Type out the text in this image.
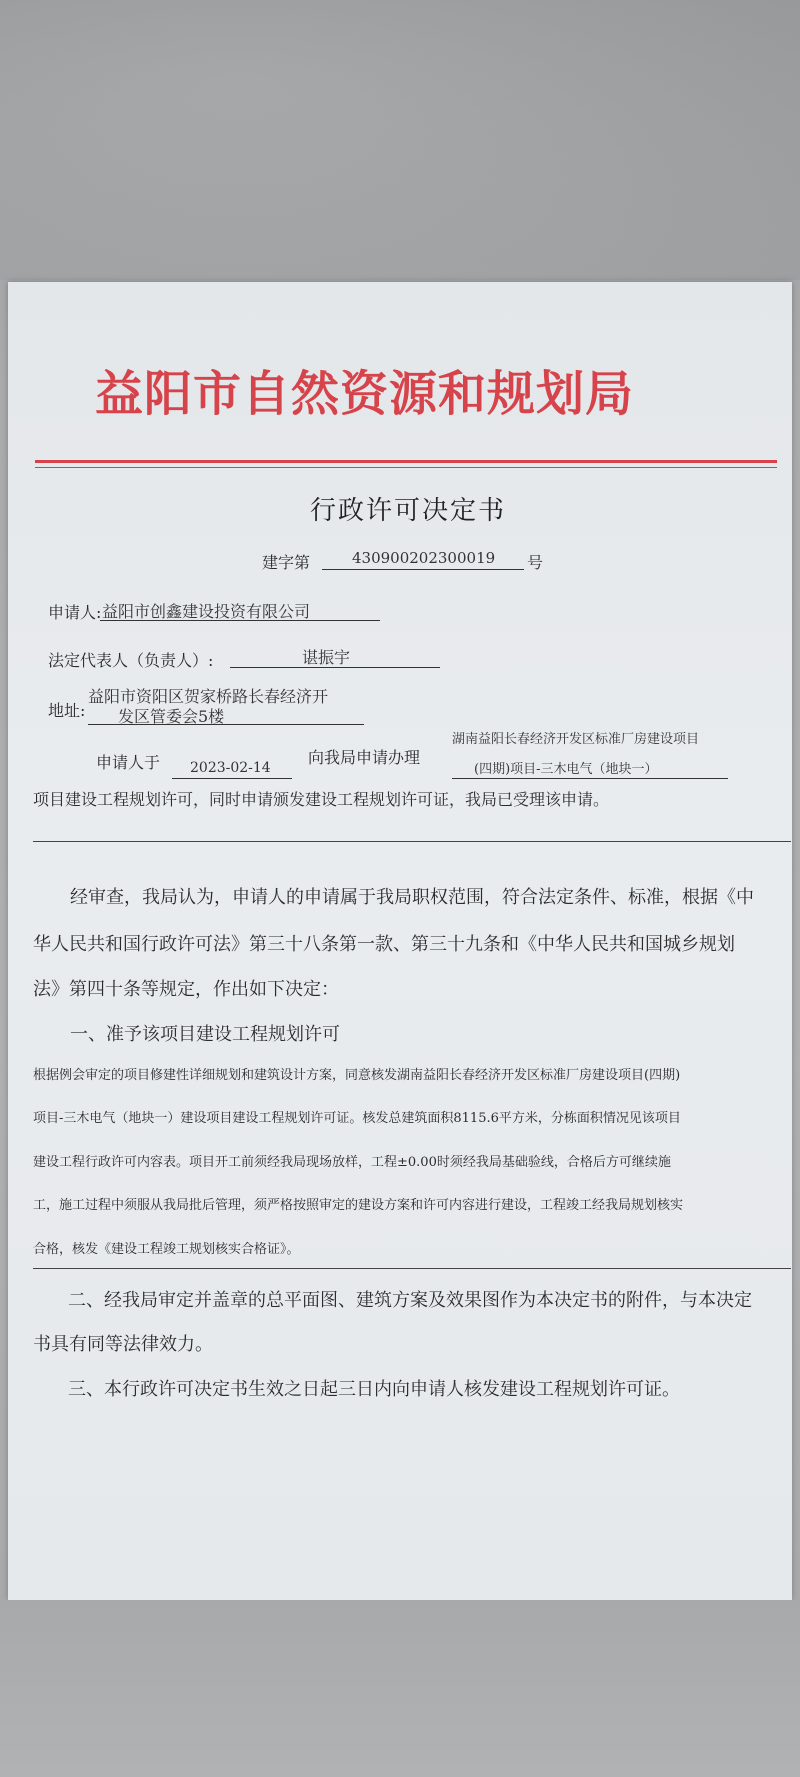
益阳市自然资源和规划局
行政许可决定书
建字第	430900202300019 号
申请人: 益阳市创鑫建设投资有限公司
法定代表人（负责人）:	谌振宇
地址:
益阳市资阳区贺家桥路长春经济开
发区管委会5楼
申请人于 2023-02-14
向我局申请办理
湖南益阳长春经济开发区标准厂房建设项目
(四期)项目-三木电气（地块一）
项目建设工程规划许可，同时申请颁发建设工程规划许可证，我局已受理该申请。
经审查，我局认为，申请人的申请属于我局职权范围，符合法定条件、标准，根据《中
华人民共和国行政许可法》第三十八条第一款、第三十九条和《中华人民共和国城乡规划
法》第四十条等规定，作出如下决定：
一、准予该项目建设工程规划许可
根据例会审定的项目修建性详细规划和建筑设计方案，同意核发湖南益阳长春经济开发区标准厂房建设项目(四期)
项目-三木电气（地块一）建设项目建设工程规划许可证。核发总建筑面积8115.6平方米，分栋面积情况见该项目
建设工程行政许可内容表。项目开工前须经我局现场放样，工程±0.00时须经我局基础验线，合格后方可继续施
工，施工过程中须服从我局批后管理，须严格按照审定的建设方案和许可内容进行建设，工程竣工经我局规划核实
合格，核发《建设工程竣工规划核实合格证》。
二、经我局审定并盖章的总平面图、建筑方案及效果图作为本决定书的附件，与本决定
书具有同等法律效力。
三、本行政许可决定书生效之日起三日内向申请人核发建设工程规划许可证。
